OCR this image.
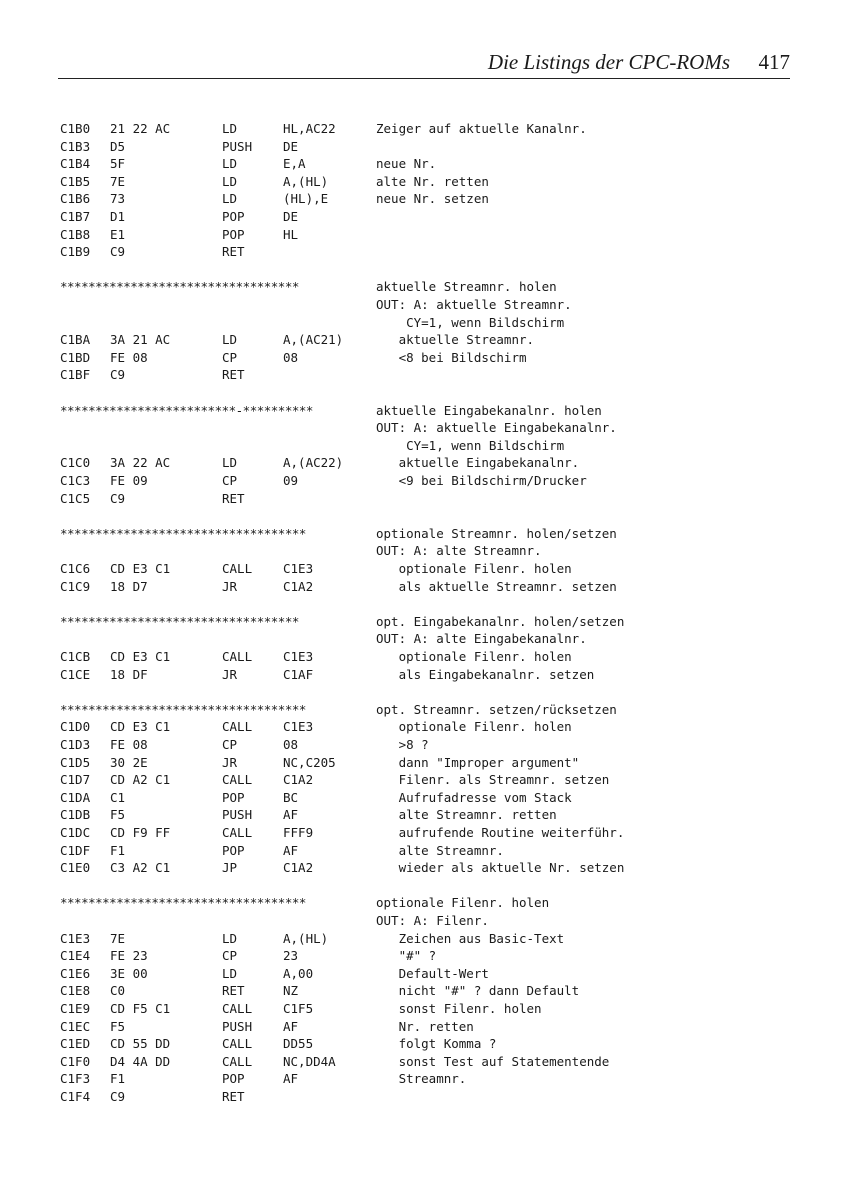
Die Listings der CPC-ROMs 417
C1B0 21 22 AC	LD	HL,AC22	Zeiger auf aktuelle Kanalnr.
C1B3 D5	PUSH DE
C1B4 5F	LD	E,A	neue Nr.
C1B5 7E	LD	A,(HL)	alte Nr. retten
C1B6 73	LD	(HL),E	neue Nr. setzen
C1B7 D1	POP	DE
C1B8 E1	POP	HL
C1B9 C9	RET
**********************************	aktuelle Streamnr. holen
OUT: A: aktuelle Streamnr.
CY=1, wenn Bildschirm
C1BA 3A 21 AC	LD	A,(AC21)	aktuelle Streamnr.
C1BD FE 08	CP	08	<8 bei Bildschirm
C1BF C9	RET
*************************-**********	aktuelle Eingabekanalnr. holen
OUT: A: aktuelle Eingabekanalnr.
CY=1, wenn Bildschirm
C1C0 3A 22 AC	LD	A,(AC22)	aktuelle Eingabekanalnr.
C1C3 FE 09	CP	09	<9 bei Bildschirm/Drucker
C1C5 C9	RET
***********************************	optionale Streamnr. holen/setzen
OUT: A: alte Streamnr.
C1C6 CD E3 C1	CALL C1E3	optionale Filenr. holen
C1C9 18 D7	JR	C1A2	als aktuelle Streamnr. setzen
**********************************	opt. Eingabekanalnr. holen/setzen
OUT: A: alte Eingabekanalnr.
C1CB CD E3 C1	CALL C1E3	optionale Filenr. holen
C1CE 18 DF	JR	C1AF	als Eingabekanalnr. setzen
***********************************	opt. Streamnr. setzen/rücksetzen
C1D0 CD E3 C1	CALL C1E3	optionale Filenr. holen
C1D3 FE 08	CP	08	>8 ?
C1D5 30 2E	JR	NC,C205	dann "Improper argument"
C1D7 CD A2 C1	CALL C1A2	Filenr. als Streamnr. setzen
C1DA C1	POP	BC	Aufrufadresse vom Stack
C1DB F5	PUSH AF	alte Streamnr. retten
C1DC CD F9 FF	CALL FFF9	aufrufende Routine weiterführ.
C1DF F1	POP	AF	alte Streamnr.
C1E0 C3 A2 C1	JP	C1A2	wieder als aktuelle Nr. setzen
***********************************	optionale Filenr. holen
OUT: A: Filenr.
C1E3 7E	LD	A,(HL)	Zeichen aus Basic-Text
C1E4 FE 23	CP	23	"#" ?
C1E6 3E 00	LD	A,00	Default-Wert
C1E8 C0	RET	NZ	nicht "#" ? dann Default
C1E9 CD F5 C1	CALL C1F5	sonst Filenr. holen
C1EC F5	PUSH AF	Nr. retten
C1ED CD 55 DD	CALL DD55	folgt Komma ?
C1F0 D4 4A DD	CALL NC,DD4A	sonst Test auf Statementende
C1F3 F1	POP	AF	Streamnr.
C1F4 C9	RET
